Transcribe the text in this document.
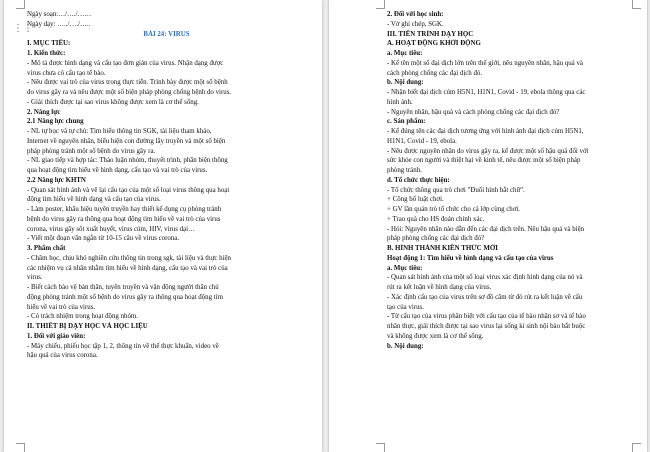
⋮⋮
Ngày soạn:…/…./……
Ngày dạy: …../…./…..
BÀI 24: VIRUS
I. MỤC TIÊU:
1. Kiến thức:
- Mô tả được hình dạng và cấu tạo đơn giản của virus. Nhận dạng được
virus chưa có cấu tạo tế bào.
- Nêu được vai trò của virus trong thực tiễn. Trình bày được một số bệnh
do virus gây ra và nêu được một số biện pháp phòng chống bệnh do virus.
- Giải thích được tại sao virus không được xem là cơ thể sống.
2. Năng lực
2.1 Năng lực chung
- NL tự học và tự chủ: Tìm hiểu thông tin SGK, tài liệu tham khảo,
Internet về nguyên nhân, biểu hiện con đường lây truyền và một số biện
pháp phòng tránh một số bệnh do virus gây ra.
- NL giao tiếp và hợp tác: Thảo luận nhóm, thuyết trình, phân biện thông
qua hoạt động tìm hiểu về hình dạng, cấu tạo và vai trò của virus.
2.2 Năng lực KHTN
- Quan sát hình ảnh và vẽ lại cấu tạo của một số loại virus thông qua hoạt
động tìm hiểu về hình dạng và cấu tạo của virus.
- Làm poster, khẩu hiệu tuyên truyền hay thiết kế dụng cụ phòng tránh
bệnh do virus gây ra thông qua hoạt động tìm hiểu về vai trò của virus
corona, virus gây sốt xuất huyết, virus cúm, HIV, virus dại…
- Viết một đoạn văn ngắn từ 10-15 câu về virus corona.
3. Phẩm chất
- Chăm học, chịu khó nghiên cứu thông tin trong sgk, tài liệu và thực hiện
các nhiệm vụ cá nhân nhằm tìm hiểu về hình dạng, cấu tạo và vai trò của
virus.
- Biết cách bảo vệ bản thân, tuyên truyền và vận động người thân chủ
động phòng tránh một số bệnh do virus gây ra thông qua hoạt động tìm
hiểu về vai trò của virus.
- Có trách nhiệm trong hoạt động nhóm.
II. THIẾT BỊ DẠY HỌC VÀ HỌC LIỆU
1. Đối với giáo viên:
- Máy chiếu, phiếu học tập 1, 2, thông tin về thế thực khuẩn, video về
hậu quả của virus corona.
2. Đối với học sinh:
- Vở ghi chép, SGK.
III. TIẾN TRÌNH DẠY HỌC
A. HOẠT ĐỘNG KHỞI ĐỘNG
a. Mục tiêu:
- Kể tên một số đại dịch lớn trên thế giới, nêu nguyên nhân, hậu quả và
cách phòng chống các đại dịch đó.
b. Nội dung:
- Nhận biết đại dịch cúm H5N1, H1N1, Covid - 19, ebola thông qua các
hình ảnh.
- Nguyên nhân, hậu quả và cách phòng chống các đại dịch đó?
c. Sản phẩm:
- Kể đúng tên các đại dịch tương ứng với hình ảnh đại dịch cúm H5N1,
H1N1, Covid - 19, ebola.
- Nêu được nguyên nhân do virus gây ra, kể được một số hậu quả đối với
sức khỏe con người và thiệt hại về kinh tế, nêu được một số biện pháp
phòng tránh.
d. Tổ chức thực hiện:
- Tổ chức thông qua trò chơi "Đuổi hình bắt chữ".
+ Công bố luật chơi.
+ GV lần quản trò tổ chức cho cả lớp cùng chơi.
+ Trao quà cho HS đoán chính xác.
- Hỏi: Nguyên nhân nào dẫn đến các đại dịch trên. Nêu hậu quả và biện
pháp phòng chống các đại dịch đó?
B. HÌNH THÀNH KIẾN THỨC MỚI
Hoạt động 1: Tìm hiểu về hình dạng và cấu tạo của virus
a. Mục tiêu:
- Quan sát hình ảnh của một số loại virus xác định hình dạng của nó và
rút ra kết luận về hình dạng của virus.
- Xác định cấu tạo của virus trên sơ đồ câm từ đó rút ra kết luận về cấu
tạo của virus.
- Từ cấu tạo của virus phân biệt với cấu tạo của tế bào nhân sơ và tế bào
nhân thực, giải thích được tại sao virus lại sống kí sinh nội bào bắt buộc
và không được xem là cơ thể sống.
b. Nội dung:
